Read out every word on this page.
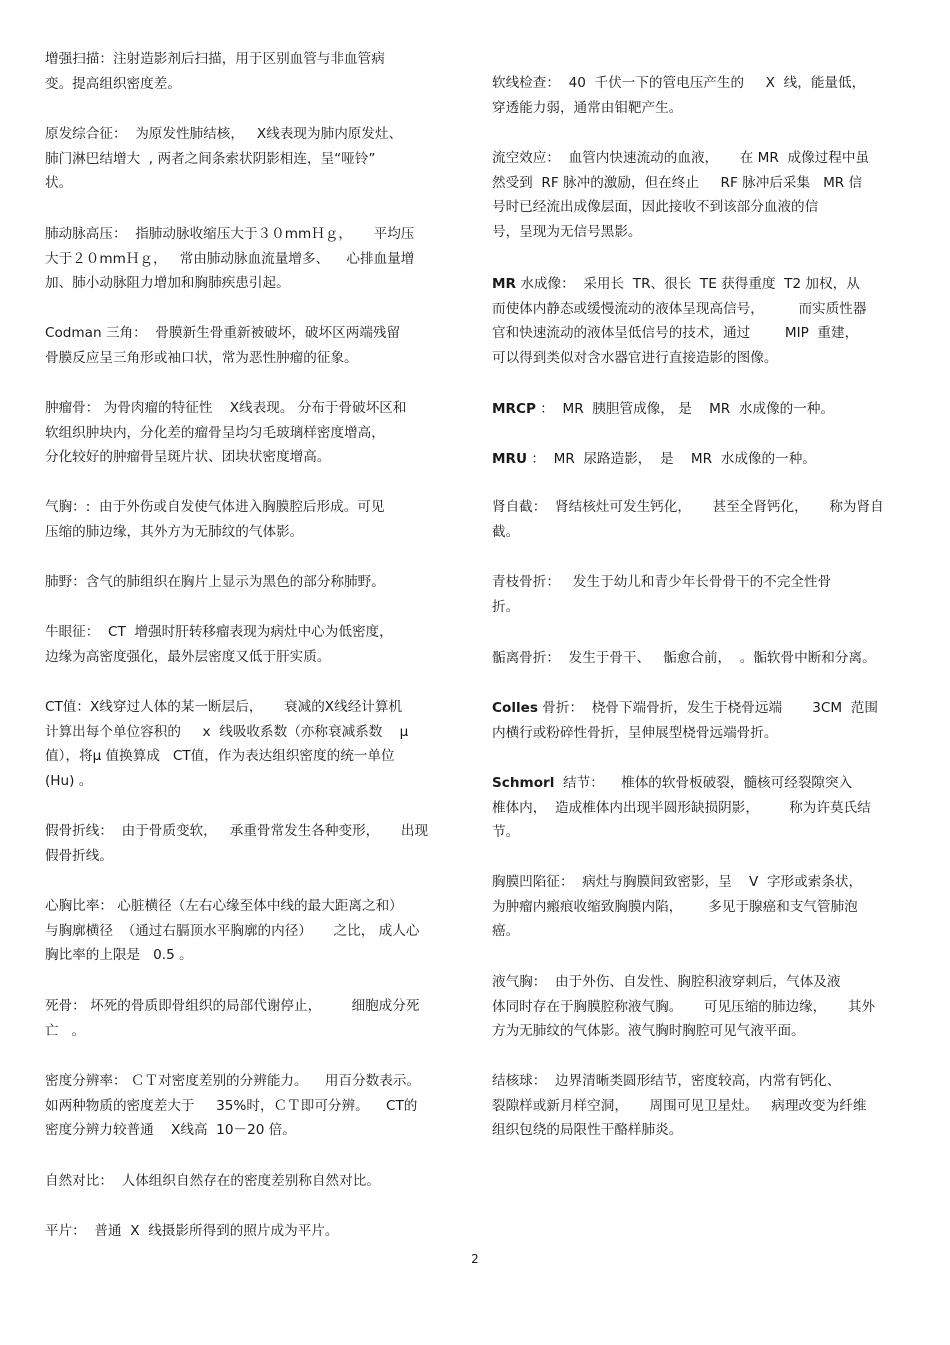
增强扫描：注射造影剂后扫描，用于区别血管与非血管病
变。提高组织密度差。
原发综合征：  为原发性肺结核，   X线表现为肺内原发灶、
肺门淋巴结增大  , 两者之间条索状阴影相连，呈“哑铃”
状。
肺动脉高压：  指肺动脉收缩压大于３０mmＨｇ，     平均压
大于２０mmＨｇ，   常由肺动脉血流量增多、    心排血量增
加、肺小动脉阻力增加和胸肺疾患引起。
Codman 三角：  骨膜新生骨重新被破坏，破坏区两端残留
骨膜反应呈三角形或袖口状，常为恶性肿瘤的征象。
肿瘤骨： 为骨肉瘤的特征性    X线表现。 分布于骨破坏区和
软组织肿块内，分化差的瘤骨呈均匀毛玻璃样密度增高，
分化较好的肿瘤骨呈斑片状、团块状密度增高。
气胸：:  由于外伤或自发使气体进入胸膜腔后形成。可见
压缩的肺边缘，其外方为无肺纹的气体影。
肺野：含气的肺组织在胸片上显示为黑色的部分称肺野。
牛眼征：  CT  增强时肝转移瘤表现为病灶中心为低密度，
边缘为高密度强化，最外层密度又低于肝实质。
CT值：X线穿过人体的某一断层后，     衰减的X线经计算机
计算出每个单位容积的     x  线吸收系数（亦称衰减系数    μ
值），将μ 值换算成   CT值，作为表达组织密度的统一单位
(Hu) 。
假骨折线：  由于骨质变软，   承重骨常发生各种变形，     出现
假骨折线。
心胸比率： 心脏横径（左右心缘至体中线的最大距离之和）
与胸廓横径  （通过右膈顶水平胸廓的内径）     之比， 成人心
胸比率的上限是   0.5 。
死骨： 坏死的骨质即骨组织的局部代谢停止，       细胞成分死
亡   。
密度分辨率： ＣＴ对密度差别的分辨能力。    用百分数表示。
如两种物质的密度差大于     35%时，ＣＴ即可分辨。    CT的
密度分辨力较普通    X线高  10－20 倍。
自然对比：  人体组织自然存在的密度差别称自然对比。
平片：  普通  X  线摄影所得到的照片成为平片。
软线检查：  40  千伏一下的管电压产生的     X  线，能量低，
穿透能力弱，通常由钼靶产生。
流空效应：  血管内快速流动的血液，     在 MR  成像过程中虽
然受到  RF 脉冲的激励，但在终止     RF 脉冲后采集   MR 信
号时已经流出成像层面，因此接收不到该部分血液的信
号，呈现为无信号黑影。
MR 水成像：  采用长  TR、很长  TE 获得重度  T2 加权，从
而使体内静态或缓慢流动的液体呈现高信号，        而实质性器
官和快速流动的液体呈低信号的技术，通过        MIP  重建，
可以得到类似对含水器官进行直接造影的图像。
MRCP ：  MR  胰胆管成像， 是    MR  水成像的一种。
MRU ：  MR  尿路造影，  是    MR  水成像的一种。
肾自截：  肾结核灶可发生钙化，     甚至全肾钙化，     称为肾自
截。
青枝骨折：   发生于幼儿和青少年长骨骨干的不完全性骨
折。
骺离骨折：  发生于骨干、   骺愈合前，  。骺软骨中断和分离。
Colles 骨折：  桡骨下端骨折，发生于桡骨远端       3CM  范围
内横行或粉碎性骨折，呈伸展型桡骨远端骨折。
Schmorl  结节：    椎体的软骨板破裂，髓核可经裂隙突入
椎体内，  造成椎体内出现半圆形缺损阴影，       称为许莫氏结
节。
胸膜凹陷征：  病灶与胸膜间致密影，呈    V  字形或索条状，
为肿瘤内瘢痕收缩致胸膜内陷，      多见于腺癌和支气管肺泡
癌。
液气胸：  由于外伤、自发性、胸腔积液穿刺后，气体及液
体同时存在于胸膜腔称液气胸。     可见压缩的肺边缘，     其外
方为无肺纹的气体影。液气胸时胸腔可见气液平面。
结核球：  边界清晰类圆形结节，密度较高，内常有钙化、
裂隙样或新月样空洞，     周围可见卫星灶。   病理改变为纤维
组织包绕的局限性干酪样肺炎。
2
